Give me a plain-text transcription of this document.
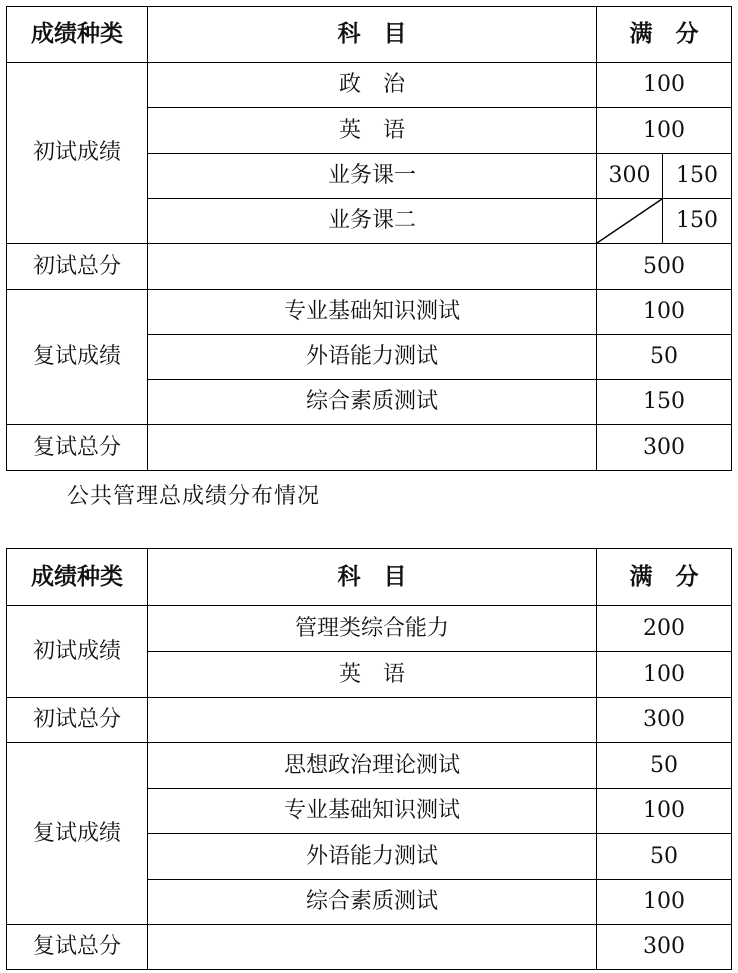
成绩种类	科　目	满　分	
初试成绩	政　治	100	
	英　语	100	
	业务课一	300	150
	业务课二		150
初试总分		500	
复试成绩	专业基础知识测试	100	
	外语能力测试	50	
	综合素质测试	150	
复试总分		300	
公共管理总成绩分布情况
成绩种类	科　目	满　分
初试成绩	管理类综合能力	200
	英　语	100
初试总分		300
复试成绩	思想政治理论测试	50
	专业基础知识测试	100
	外语能力测试	50
	综合素质测试	100
复试总分		300
